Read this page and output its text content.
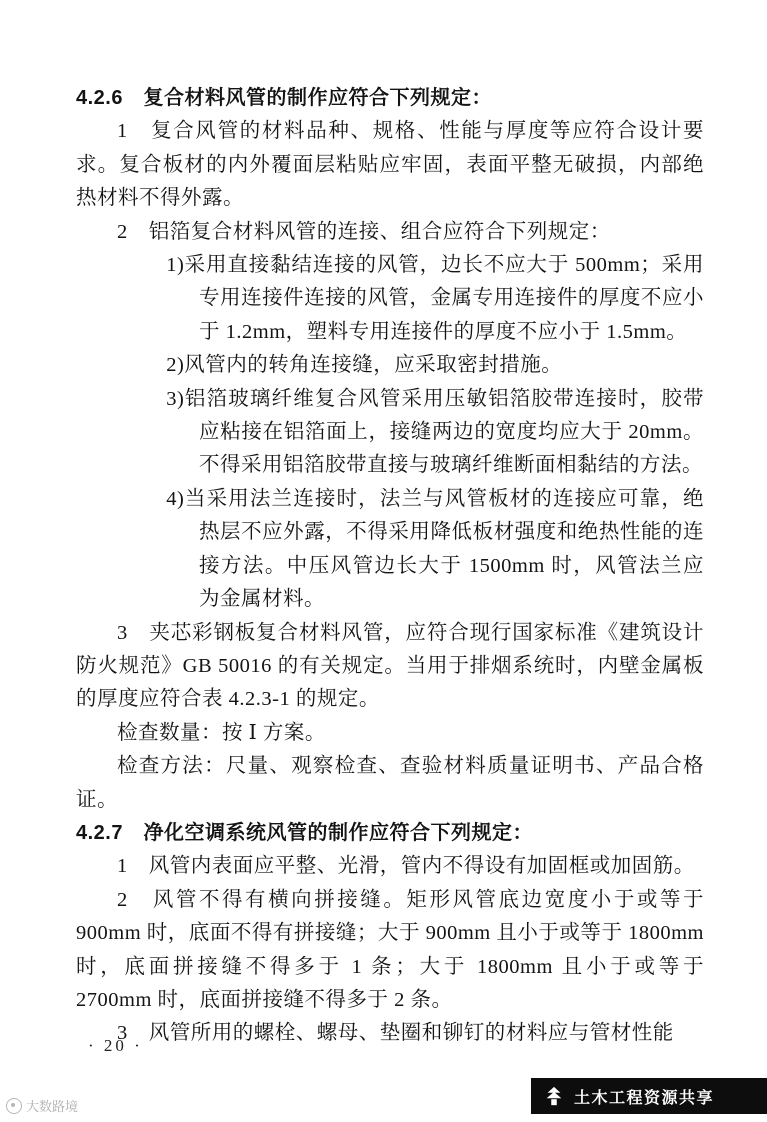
4.2.6　复合材料风管的制作应符合下列规定：
1　复合风管的材料品种、规格、性能与厚度等应符合设计要求。复合板材的内外覆面层粘贴应牢固，表面平整无破损，内部绝热材料不得外露。
2　铝箔复合材料风管的连接、组合应符合下列规定：
1)采用直接黏结连接的风管，边长不应大于 500mm；采用专用连接件连接的风管，金属专用连接件的厚度不应小于 1.2mm，塑料专用连接件的厚度不应小于 1.5mm。
2)风管内的转角连接缝，应采取密封措施。
3)铝箔玻璃纤维复合风管采用压敏铝箔胶带连接时，胶带应粘接在铝箔面上，接缝两边的宽度均应大于 20mm。不得采用铝箔胶带直接与玻璃纤维断面相黏结的方法。
4)当采用法兰连接时，法兰与风管板材的连接应可靠，绝热层不应外露，不得采用降低板材强度和绝热性能的连接方法。中压风管边长大于 1500mm 时，风管法兰应为金属材料。
3　夹芯彩钢板复合材料风管，应符合现行国家标准《建筑设计防火规范》GB 50016 的有关规定。当用于排烟系统时，内壁金属板的厚度应符合表 4.2.3-1 的规定。
检查数量：按 Ⅰ 方案。
检查方法：尺量、观察检查、查验材料质量证明书、产品合格证。
4.2.7　净化空调系统风管的制作应符合下列规定：
1　风管内表面应平整、光滑，管内不得设有加固框或加固筋。
2　风管不得有横向拼接缝。矩形风管底边宽度小于或等于 900mm 时，底面不得有拼接缝；大于 900mm 且小于或等于 1800mm 时，底面拼接缝不得多于 1 条；大于 1800mm 且小于或等于 2700mm 时，底面拼接缝不得多于 2 条。
3　风管所用的螺栓、螺母、垫圈和铆钉的材料应与管材性能
· 20 ·
大数路境	土木工程资源共享
